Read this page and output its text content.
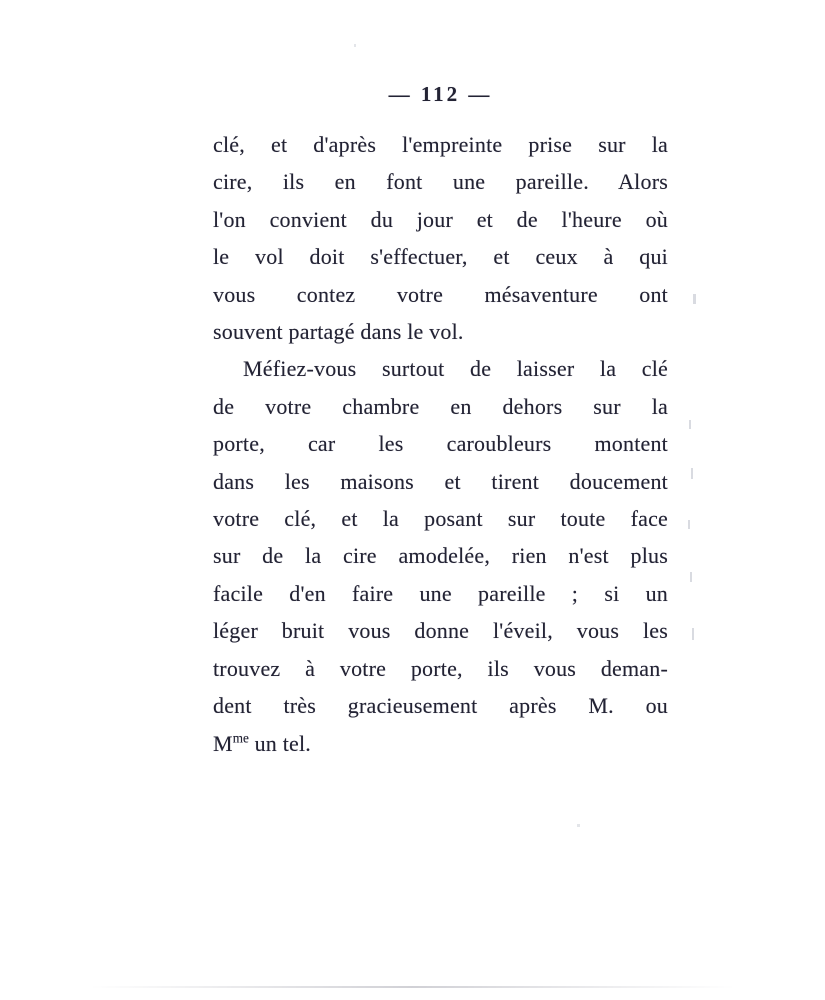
— 112 —
clé, et d'après l'empreinte prise sur la
cire, ils en font une pareille. Alors
l'on convient du jour et de l'heure où
le vol doit s'effectuer, et ceux à qui
vous contez votre mésaventure ont
souvent partagé dans le vol.
Méfiez-vous surtout de laisser la clé
de votre chambre en dehors sur la
porte, car les caroubleurs montent
dans les maisons et tirent doucement
votre clé, et la posant sur toute face
sur de la cire amodelée, rien n'est plus
facile d'en faire une pareille ; si un
léger bruit vous donne l'éveil, vous les
trouvez à votre porte, ils vous deman-
dent très gracieusement après M. ou
$M^{me}$ un tel.
